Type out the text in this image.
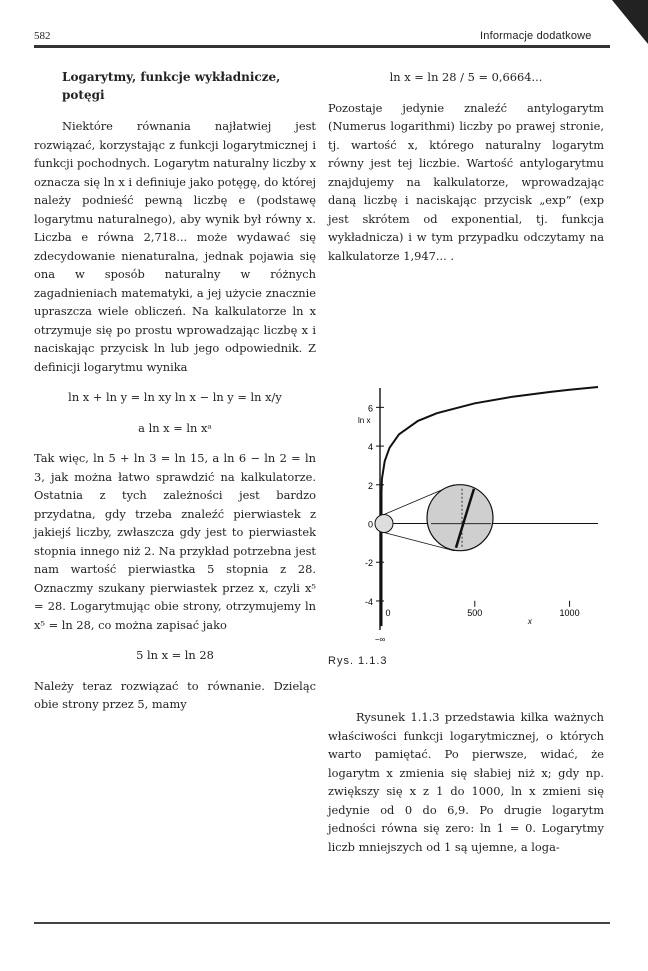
582	Informacje dodatkowe
Logarytmy, funkcje wykładnicze, potęgi

Niektóre równania najłatwiej jest rozwiązać, korzystając z funkcji logarytmicznej i funkcji pochodnych. Logarytm naturalny liczby x oznacza się ln x i definiuje jako potęgę, do której należy podnieść pewną liczbę e (podstawę logarytmu naturalnego), aby wynik był równy x. Liczba e równa 2,718... może wydawać się zdecydowanie nienaturalna, jednak pojawia się ona w sposób naturalny w różnych zagadnieniach matematyki, a jej użycie znacznie upraszcza wiele obliczeń. Na kalkulatorze ln x otrzymuje się po prostu wprowadzając liczbę x i naciskając przycisk ln lub jego odpowiednik. Z definicji logarytmu wynika

ln x + ln y = ln xy ln x − ln y = ln x/y
a ln x = ln xᵃ

Tak więc, ln 5 + ln 3 = ln 15, a ln 6 − ln 2 = ln 3, jak można łatwo sprawdzić na kalkulatorze. Ostatnia z tych zależności jest bardzo przydatna, gdy trzeba znaleźć pierwiastek z jakiejś liczby, zwłaszcza gdy jest to pierwiastek stopnia innego niż 2. Na przykład potrzebna jest nam wartość pierwiastka 5 stopnia z 28. Oznaczmy szukany pierwiastek przez x, czyli x⁵ = 28. Logarytmując obie strony, otrzymujemy ln x⁵ = ln 28, co można zapisać jako

5 ln x = ln 28

Należy teraz rozwiązać to równanie. Dzieląc obie strony przez 5, mamy

ln x = ln 28 / 5 = 0,6664...

Pozostaje jedynie znaleźć antylogarytm (Numerus logarithmi) liczby po prawej stronie, tj. wartość x, którego naturalny logarytm równy jest tej liczbie. Wartość antylogarytmu znajdujemy na kalkulatorze, wprowadzając daną liczbę i naciskając przycisk „exp” (exp jest skrótem od exponential, tj. funkcja wykładnicza) i w tym przypadku odczytamy na kalkulatorze 1,947... .

6
4
2
0
-2
-4
0	500	1000
ln x
x
−∞
Rys. 1.1.3

Rysunek 1.1.3 przedstawia kilka ważnych właściwości funkcji logarytmicznej, o których warto pamiętać. Po pierwsze, widać, że logarytm x zmienia się słabiej niż x; gdy np. zwiększy się x z 1 do 1000, ln x zmieni się jedynie od 0 do 6,9. Po drugie logarytm jedności równa się zero: ln 1 = 0. Logarytmy liczb mniejszych od 1 są ujemne, a loga-
